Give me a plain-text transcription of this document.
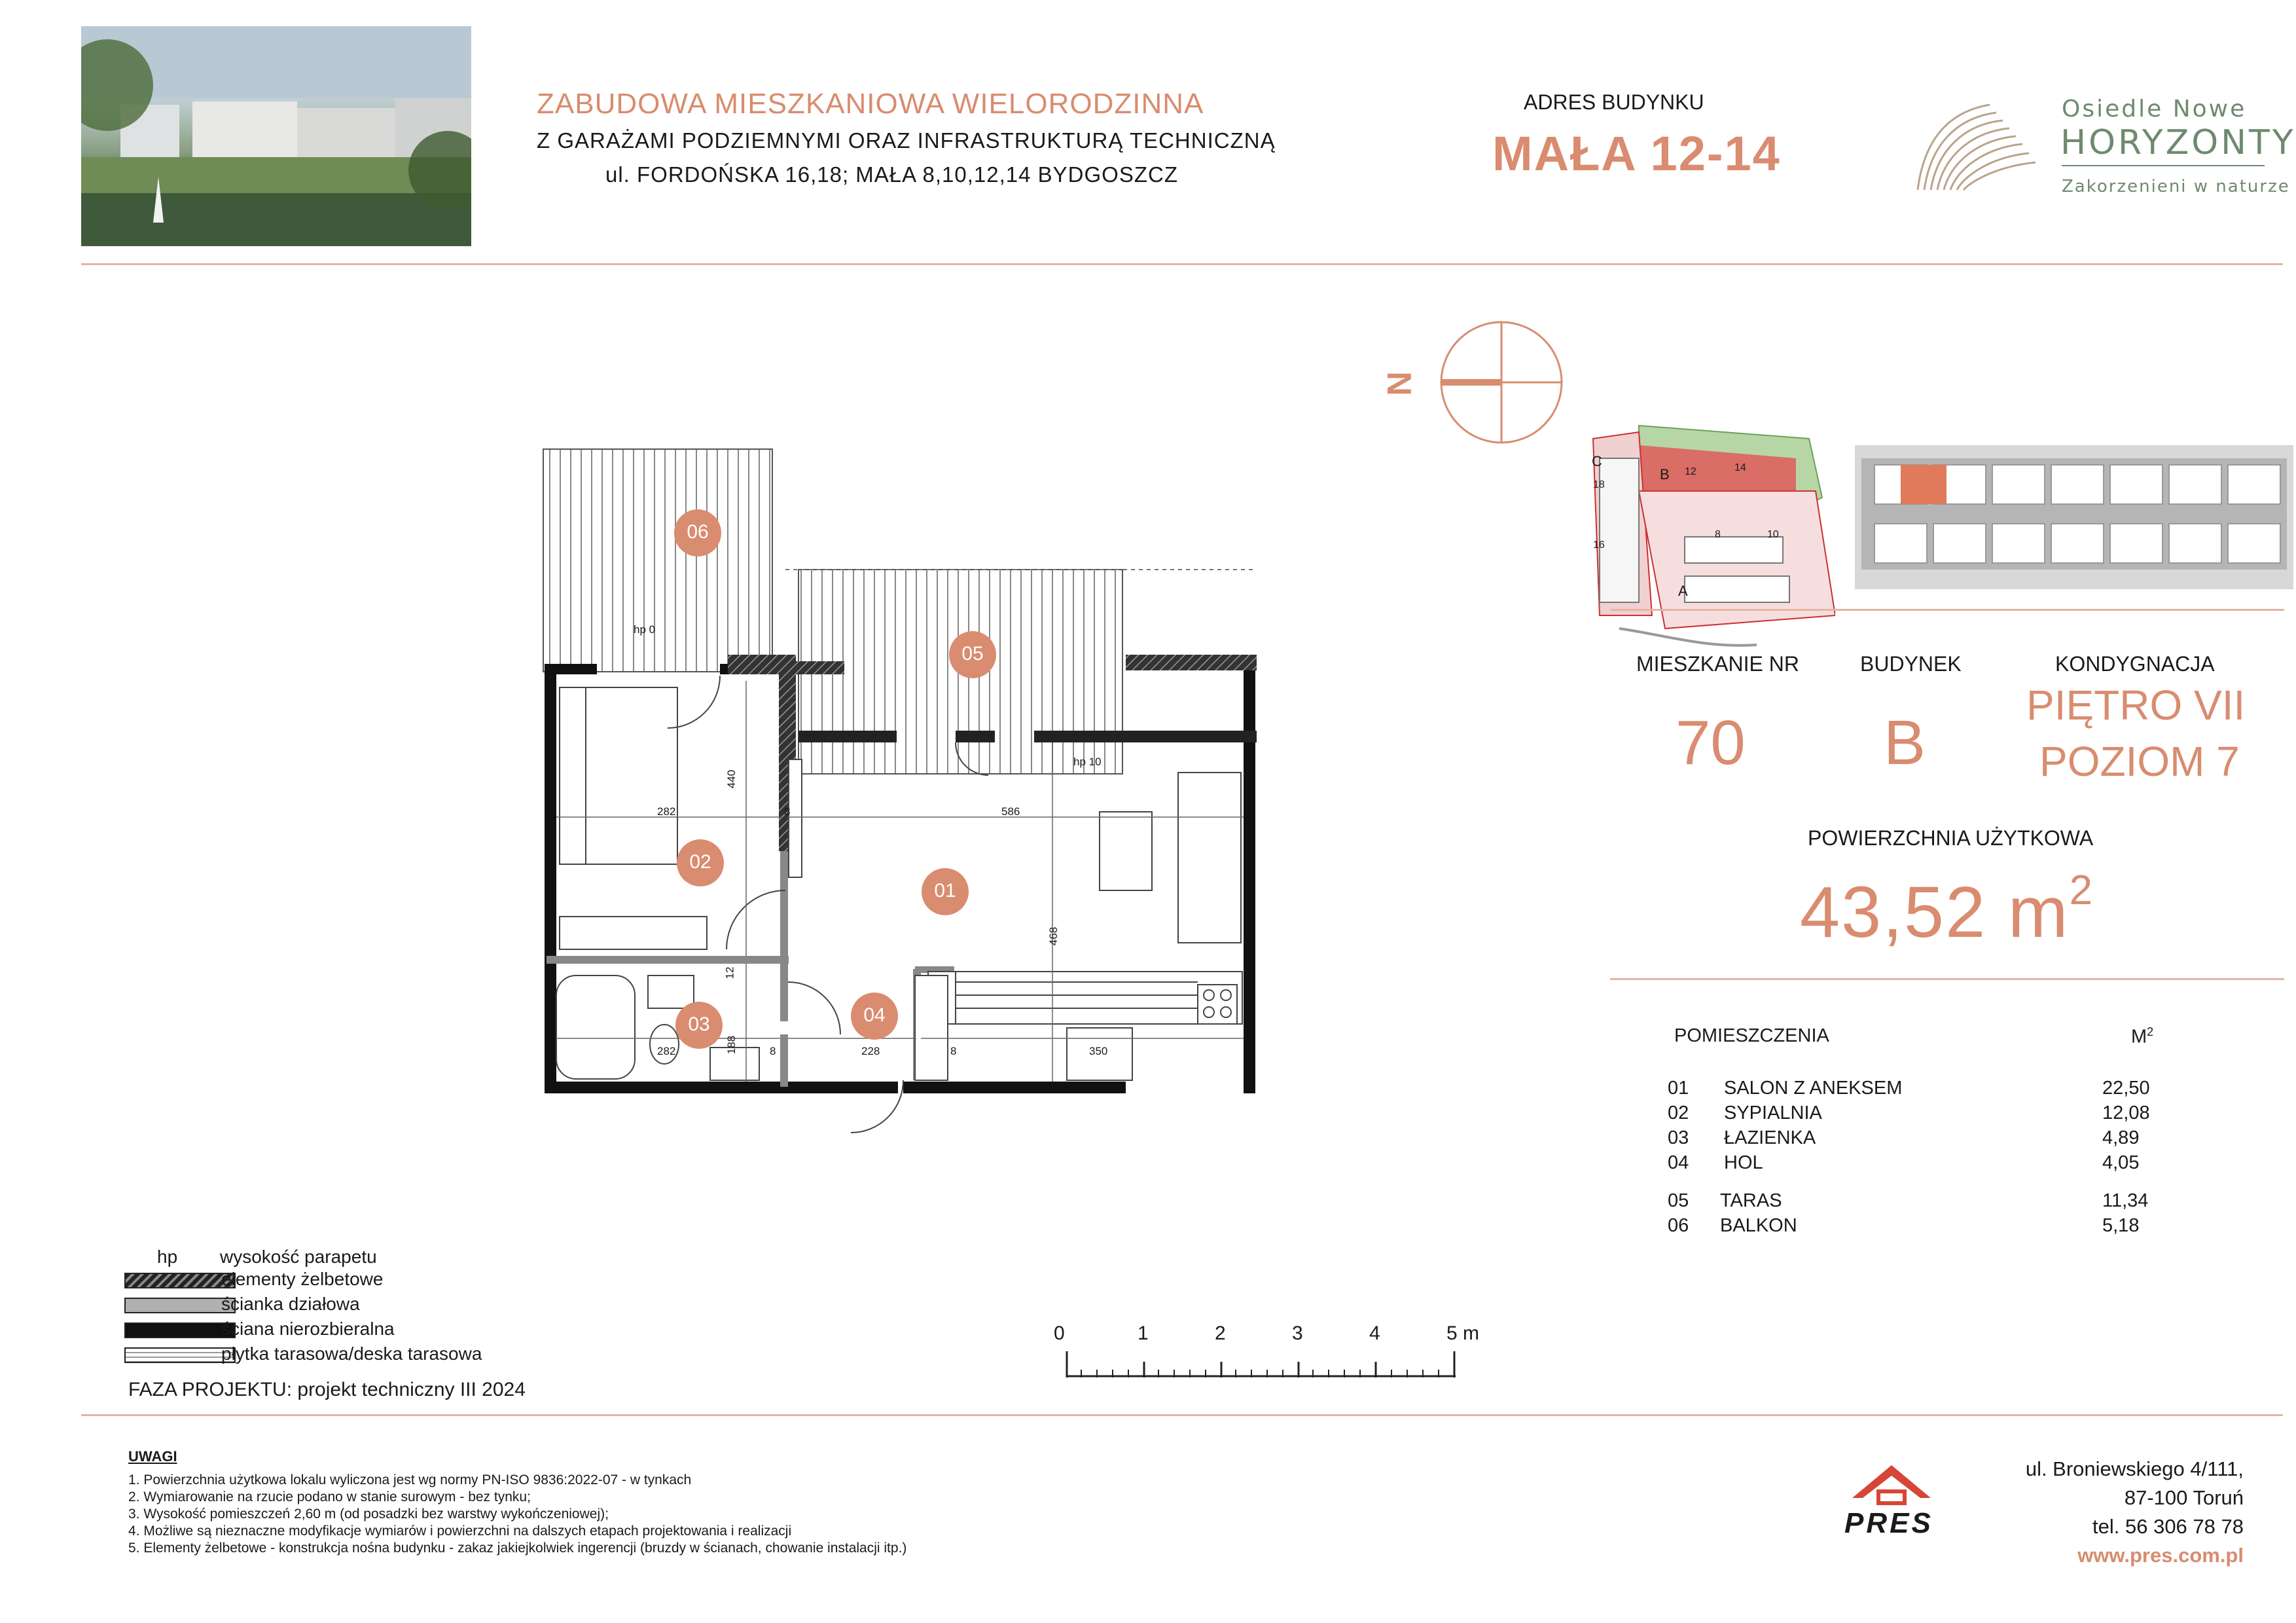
ZABUDOWA MIESZKANIOWA WIELORODZINNA
Z GARAŻAMI PODZIEMNYMI ORAZ INFRASTRUKTURĄ TECHNICZNĄ
ul. FORDOŃSKA 16,18; MAŁA 8,10,12,14 BYDGOSZCZ
ADRES BUDYNKU
MAŁA 12-14
Osiedle Nowe
HORYZONTY
Zakorzenieni w naturze
N
C
B 12	14
18
16
8	10
A
MIESZKANIE NR	BUDYNEK	KONDYGNACJA
70 B
PIĘTRO VII
POZIOM 7
POWIERZCHNIA UŻYTKOWA
43,52 $m^2$
POMIESZCZENIA	$M^2$
01 SALON Z ANEKSEM	22,50
02 SYPIALNIA	12,08
03 ŁAZIENKA	4,89
04 HOL	4,05
05 TARAS	11,34
06 BALKON	5,18
06
05
02
01
03	04
hp 0
hp 10
440
282	8	586
468
12
282	188	8	228	8	350
hp wysokość parapetu
elementy żelbetowe
ścianka działowa
ściana nierozbieralna
płytka tarasowa/deska tarasowa
FAZA PROJEKTU: projekt techniczny III 2024
0	1	2	3	4	5 m
UWAGI
1. Powierzchnia użytkowa lokalu wyliczona jest wg normy PN-ISO 9836:2022-07 - w tynkach
2. Wymiarowanie na rzucie podano w stanie surowym - bez tynku;
3. Wysokość pomieszczeń 2,60 m (od posadzki bez warstwy wykończeniowej);
4. Możliwe są nieznaczne modyfikacje wymiarów i powierzchni na dalszych etapach projektowania i realizacji
5. Elementy żelbetowe - konstrukcja nośna budynku - zakaz jakiejkolwiek ingerencji (bruzdy w ścianach, chowanie instalacji itp.)
PRES
ul. Broniewskiego 4/111,
87-100 Toruń
tel. 56 306 78 78
www.pres.com.pl
